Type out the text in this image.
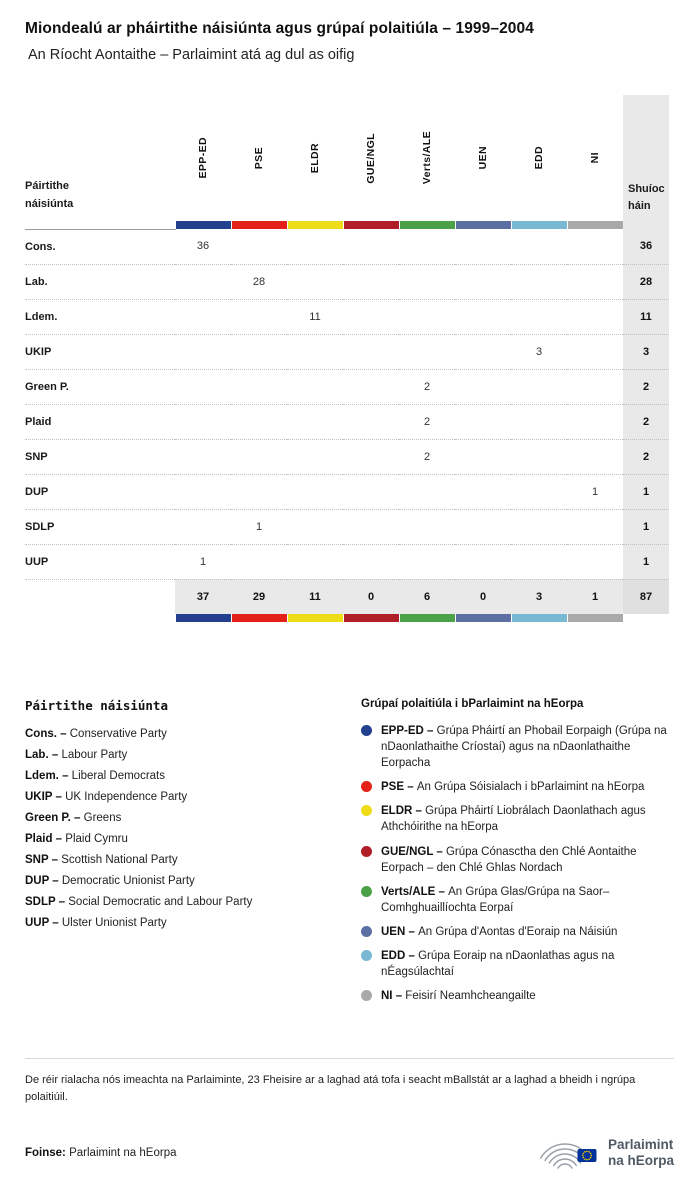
Miondealú ar pháirtithe náisiúnta agus grúpaí polaitiúla – 1999–2004
An Ríocht Aontaithe – Parlaimint atá ag dul as oifig
Páirtithe náisiúnta	EPP-ED	PSE	ELDR	GUE/NGL	Verts/ALE	UEN	EDD	NI	Shuíocháin

Cons.	36								36
Lab.		28							28
Ldem.			11						11
UKIP							3		3
Green P.					2				2
Plaid					2				2
SNP					2				2
DUP								1	1
SDLP		1							1
UUP	1								1
	37	29	11	0	6	0	3	1	87

Páirtithe náisiúnta
Cons. – Conservative Party
Lab. – Labour Party
Ldem. – Liberal Democrats
UKIP – UK Independence Party
Green P. – Greens
Plaid – Plaid Cymru
SNP – Scottish National Party
DUP – Democratic Unionist Party
SDLP – Social Democratic and Labour Party
UUP – Ulster Unionist Party
Grúpaí polaitiúla i bParlaimint na hEorpa
EPP-ED – Grúpa Pháirtí an Phobail Eorpaigh (Grúpa na nDaonlathaithe Críostaí) agus na nDaonlathaithe Eorpacha
PSE – An Grúpa Sóisialach i bParlaimint na hEorpa
ELDR – Grúpa Pháirtí Liobrálach Daonlathach agus Athchóirithe na hEorpa
GUE/NGL – Grúpa Cónasctha den Chlé Aontaithe Eorpach – den Chlé Ghlas Nordach
Verts/ALE – An Grúpa Glas/Grúpa na Saor–Comhghuaillíochta Eorpaí
UEN – An Grúpa d'Aontas d'Eoraip na Náisiún
EDD – Grúpa Eoraip na nDaonlathas agus na nÉagsúlachtaí
NI – Feisirí Neamhcheangailte
De réir rialacha nós imeachta na Parlaiminte, 23 Fheisire ar a laghad atá tofa i seacht mBallstát ar a laghad a bheidh i ngrúpa polaitiúil.
Foinse: Parlaimint na hEorpa
Parlaimint
na hEorpa
